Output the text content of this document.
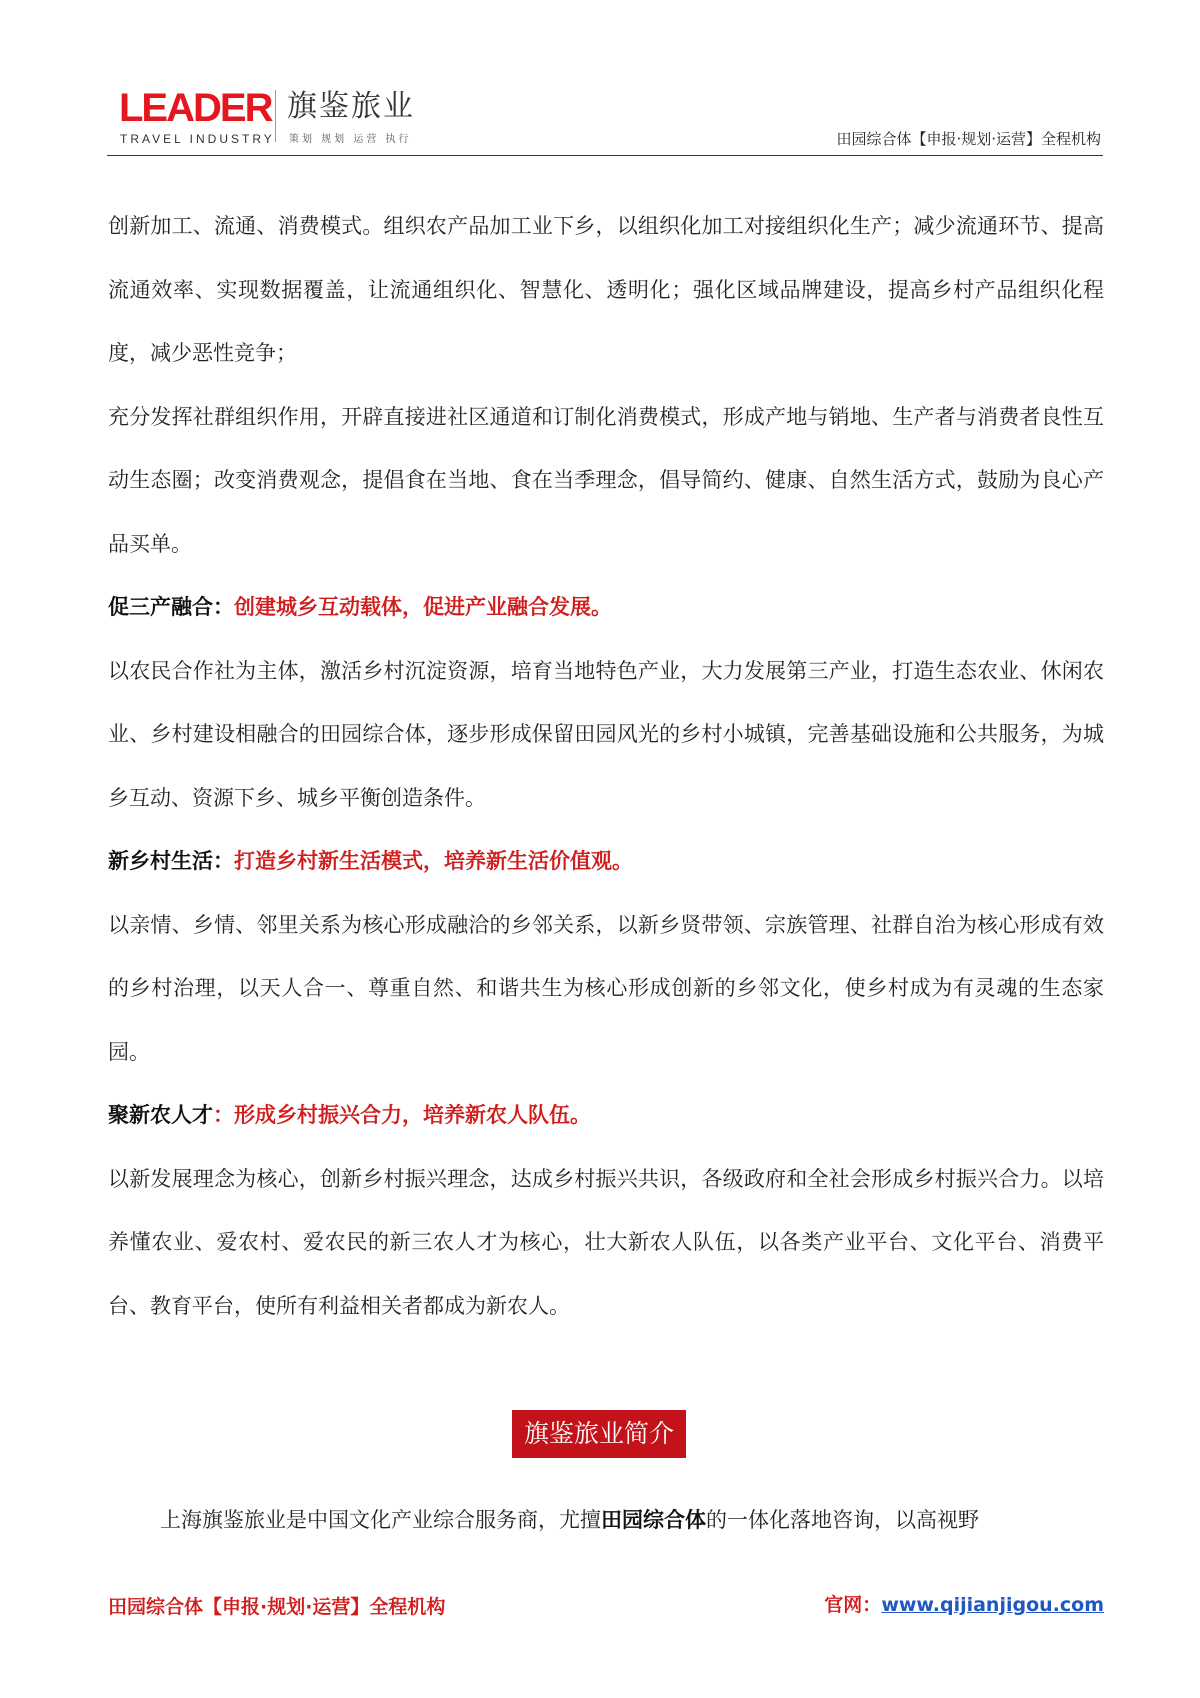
LEADER
TRAVEL INDUSTRY
旗鉴旅业
策划 规划 运营 执行	田园综合体【申报·规划·运营】全程机构

创新加工、流通、消费模式。组织农产品加工业下乡，以组织化加工对接组织化生产；减少流通环节、提高流通效率、实现数据覆盖，让流通组织化、智慧化、透明化；强化区域品牌建设，提高乡村产品组织化程度，减少恶性竞争；

充分发挥社群组织作用，开辟直接进社区通道和订制化消费模式，形成产地与销地、生产者与消费者良性互动生态圈；改变消费观念，提倡食在当地、食在当季理念，倡导简约、健康、自然生活方式，鼓励为良心产品买单。

促三产融合：创建城乡互动载体，促进产业融合发展。

以农民合作社为主体，激活乡村沉淀资源，培育当地特色产业，大力发展第三产业，打造生态农业、休闲农业、乡村建设相融合的田园综合体，逐步形成保留田园风光的乡村小城镇，完善基础设施和公共服务，为城乡互动、资源下乡、城乡平衡创造条件。

新乡村生活：打造乡村新生活模式，培养新生活价值观。

以亲情、乡情、邻里关系为核心形成融洽的乡邻关系，以新乡贤带领、宗族管理、社群自治为核心形成有效的乡村治理，以天人合一、尊重自然、和谐共生为核心形成创新的乡邻文化，使乡村成为有灵魂的生态家园。

聚新农人才：形成乡村振兴合力，培养新农人队伍。

以新发展理念为核心，创新乡村振兴理念，达成乡村振兴共识，各级政府和全社会形成乡村振兴合力。以培养懂农业、爱农村、爱农民的新三农人才为核心，壮大新农人队伍，以各类产业平台、文化平台、消费平台、教育平台，使所有利益相关者都成为新农人。

旗鉴旅业简介

上海旗鉴旅业是中国文化产业综合服务商，尤擅田园综合体的一体化落地咨询，以高视野

田园综合体【申报·规划·运营】全程机构	官网：www.qijianjigou.com
